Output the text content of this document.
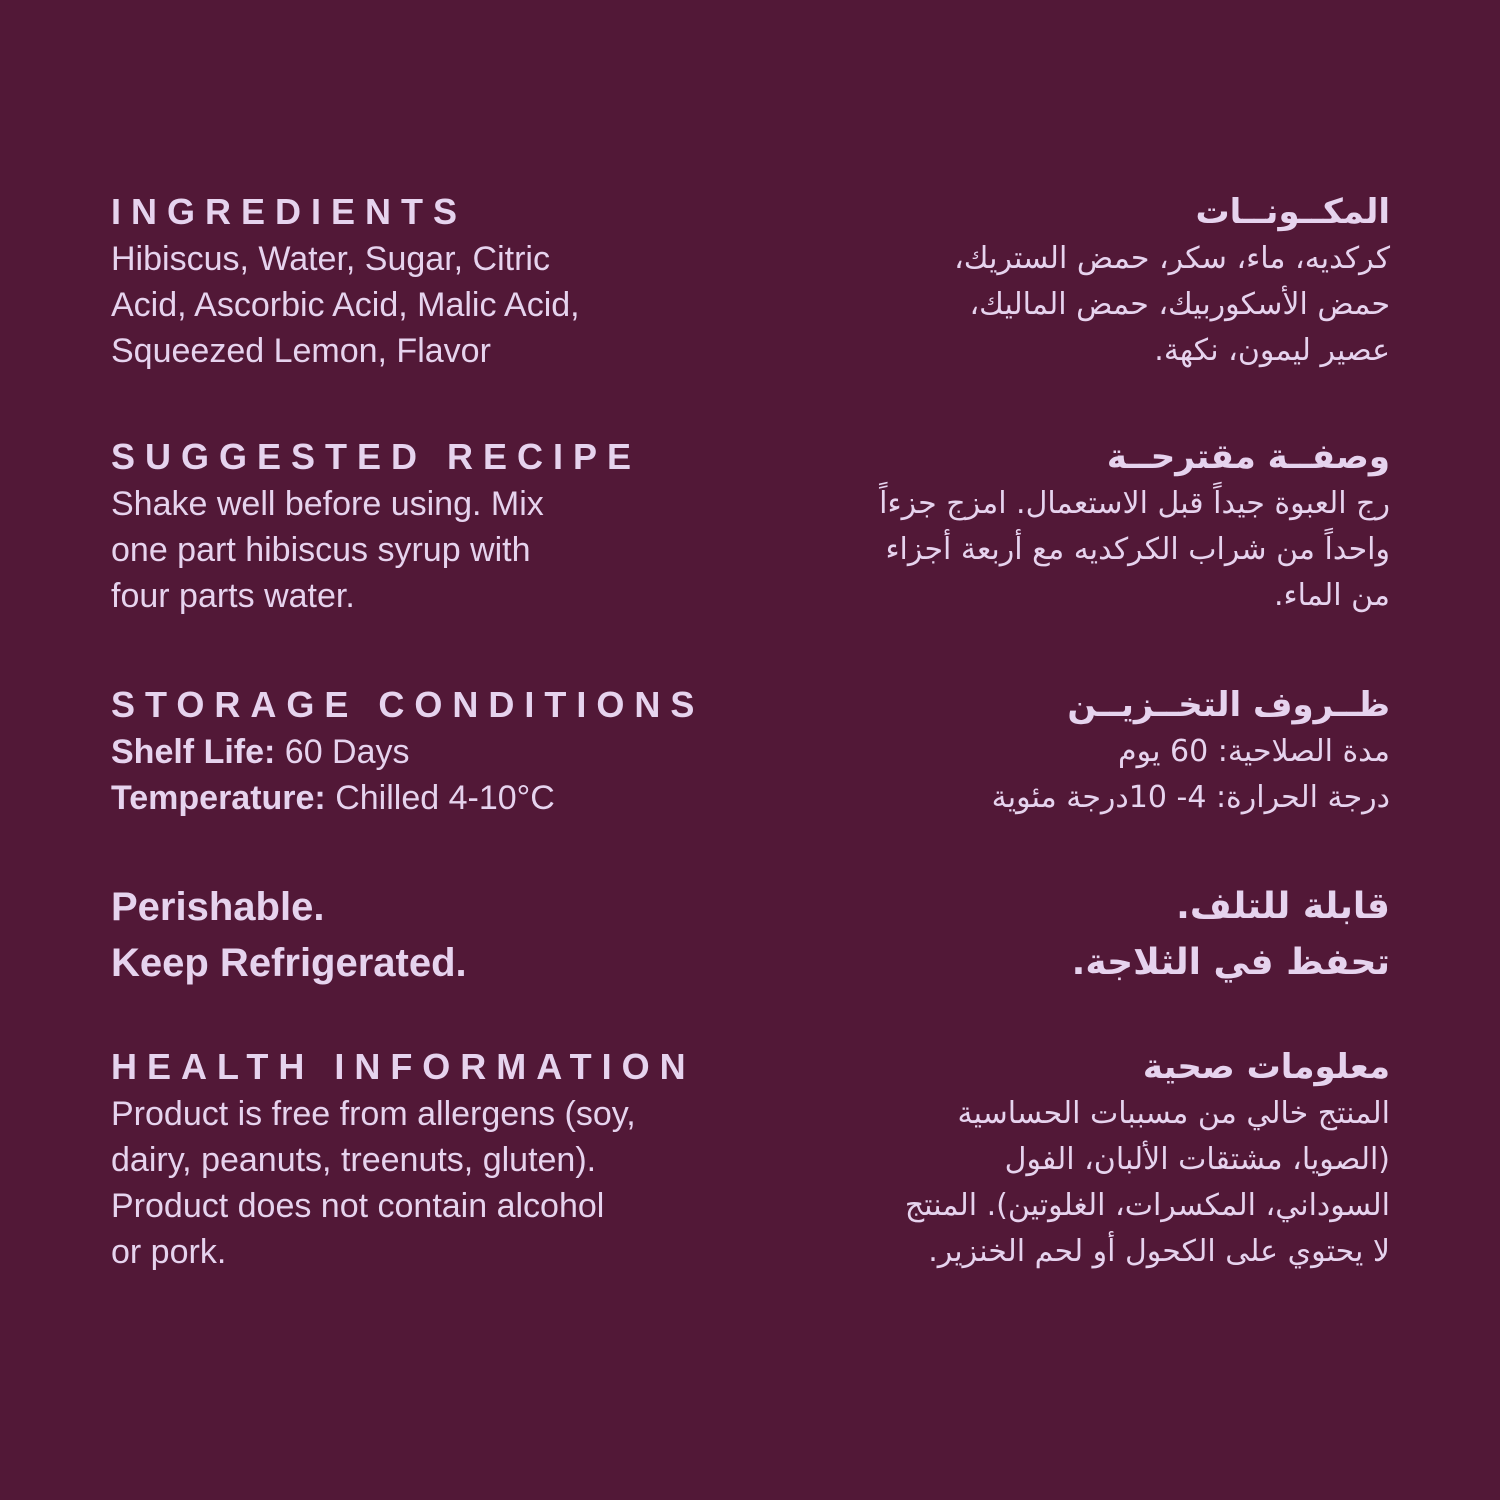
INGREDIENTS
Hibiscus, Water, Sugar, Citric
Acid, Ascorbic Acid, Malic Acid,
Squeezed Lemon, Flavor
SUGGESTED RECIPE
Shake well before using. Mix
one part hibiscus syrup with
four parts water.
STORAGE CONDITIONS
Shelf Life: 60 Days
Temperature: Chilled 4-10°C
Perishable.
Keep Refrigerated.
HEALTH INFORMATION
Product is free from allergens (soy,
dairy, peanuts, treenuts, gluten).
Product does not contain alcohol
or pork.
المكــونــات
كركديه، ماء، سكر، حمض الستريك،
حمض الأسكوربيك، حمض الماليك،
عصير ليمون، نكهة.
وصفــة مقترحــة
رج العبوة جيداً قبل الاستعمال. امزج جزءاً
واحداً من شراب الكركديه مع أربعة أجزاء
من الماء.
ظــروف التخــزيــن
مدة الصلاحية: 60 يوم
درجة الحرارة: 4- 10درجة مئوية
قابلة للتلف.
تحفظ في الثلاجة.
معلومات صحية
المنتج خالي من مسببات الحساسية
(الصويا، مشتقات الألبان، الفول
السوداني، المكسرات، الغلوتين). المنتج
لا يحتوي على الكحول أو لحم الخنزير.
